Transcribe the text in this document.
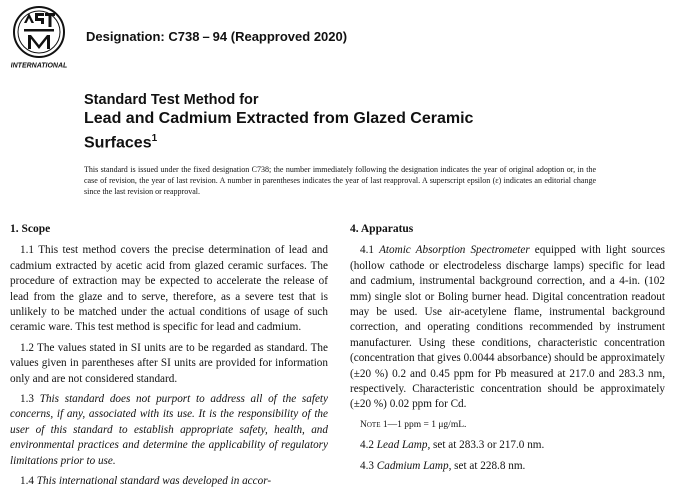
INTERNATIONAL
Designation: C738 – 94 (Reapproved 2020)
Standard Test Method for
Lead and Cadmium Extracted from Glazed Ceramic
Surfaces$^1$
This standard is issued under the fixed designation C738; the number immediately following the designation indicates the year of original adoption or, in the case of revision, the year of last revision. A number in parentheses indicates the year of last reapproval. A superscript epsilon (ε) indicates an editorial change since the last revision or reapproval.
1. Scope

1.1 This test method covers the precise determination of lead and cadmium extracted by acetic acid from glazed ceramic surfaces. The procedure of extraction may be expected to accelerate the release of lead from the glaze and to serve, therefore, as a severe test that is unlikely to be matched under the actual conditions of usage of such ceramic ware. This test method is specific for lead and cadmium.

1.2 The values stated in SI units are to be regarded as standard. The values given in parentheses after SI units are provided for information only and are not considered standard.

1.3 This standard does not purport to address all of the safety concerns, if any, associated with its use. It is the responsibility of the user of this standard to establish appropriate safety, health, and environmental practices and determine the applicability of regulatory limitations prior to use.

1.4 This international standard was developed in accor-

4. Apparatus

4.1 Atomic Absorption Spectrometer equipped with light sources (hollow cathode or electrodeless discharge lamps) specific for lead and cadmium, instrumental background correction, and a 4-in. (102 mm) single slot or Boling burner head. Digital concentration readout may be used. Use air-acetylene flame, instrumental background correction, and operating conditions recommended by instrument manufacturer. Using these conditions, characteristic concentration (concentration that gives 0.0044 absorbance) should be approximately (±20 %) 0.2 and 0.45 ppm for Pb measured at 217.0 and 283.3 nm, respectively. Characteristic concentration should be approximately (±20 %) 0.02 ppm for Cd.

Note 1—1 ppm = 1 μg/mL.

4.2 Lead Lamp, set at 283.3 or 217.0 nm.

4.3 Cadmium Lamp, set at 228.8 nm.
